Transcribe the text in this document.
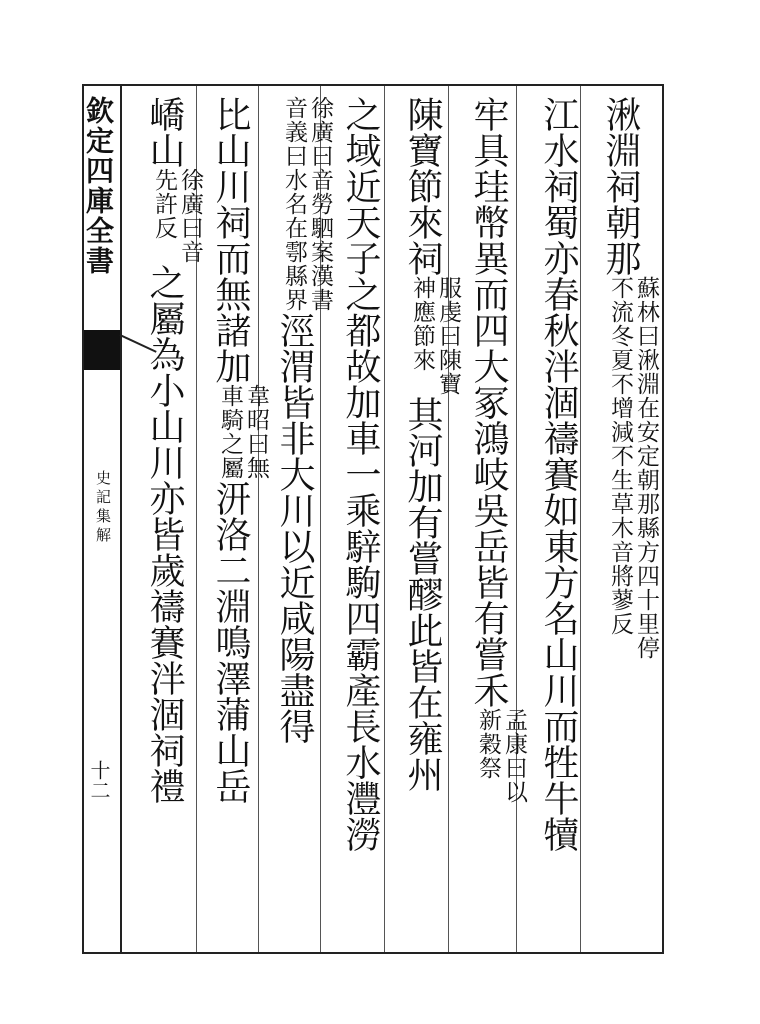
欽定四庫全書
史記集解
十二
湫淵祠朝那蘇林曰湫淵在安定朝那縣方四十里停
不流冬夏不增減不生草木音將蓼反
江水祠蜀亦春秋泮涸禱賽如東方名山川而牲牛犢
牢具珪幣異而四大冢鴻岐吳岳皆有嘗禾孟康曰以
新穀祭
陳寶節來祠服虔曰陳寶
神應節來其河加有嘗醪此皆在雍州
之域近天子之都故加車一乘騂駒四霸產長水灃澇
徐廣曰音勞駟案漢書
音義曰水名在鄠縣界涇渭皆非大川以近咸陽盡得
比山川祠而無諸加韋昭曰無
車騎之屬汧洛二淵鳴澤蒲山岳
嶠山徐廣曰音
先許反之屬為小山川亦皆歲禱賽泮涸祠禮
